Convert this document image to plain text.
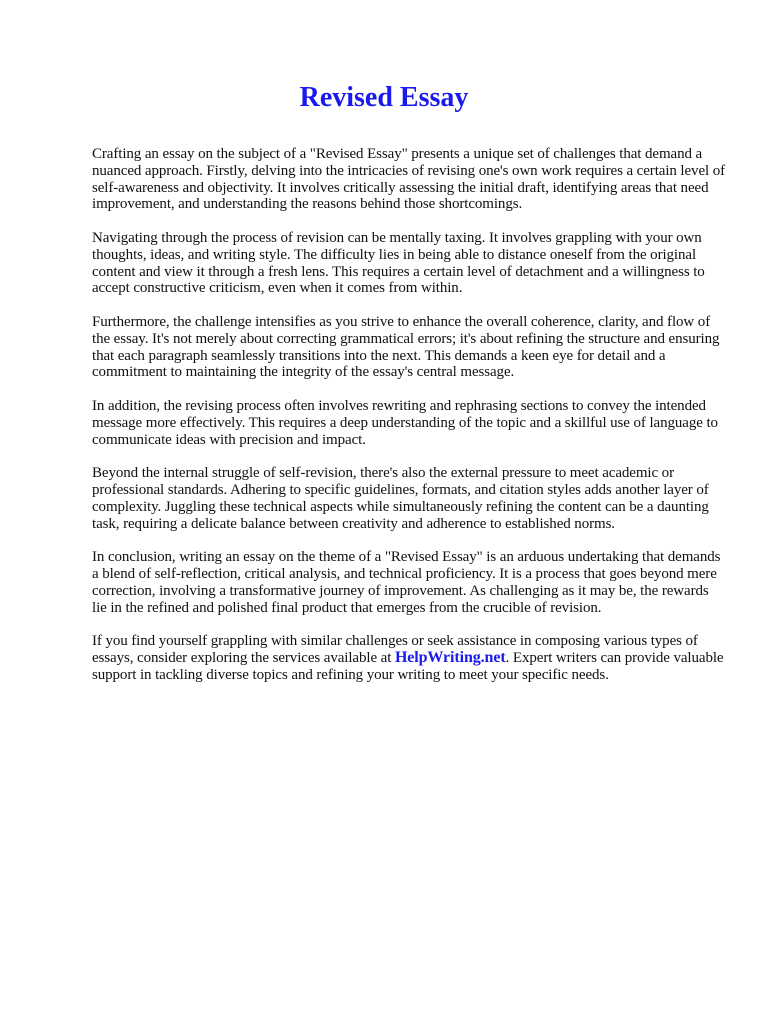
Revised Essay

Crafting an essay on the subject of a "Revised Essay" presents a unique set of challenges that demand a nuanced approach. Firstly, delving into the intricacies of revising one's own work requires a certain level of self-awareness and objectivity. It involves critically assessing the initial draft, identifying areas that need improvement, and understanding the reasons behind those shortcomings.

Navigating through the process of revision can be mentally taxing. It involves grappling with your own thoughts, ideas, and writing style. The difficulty lies in being able to distance oneself from the original content and view it through a fresh lens. This requires a certain level of detachment and a willingness to accept constructive criticism, even when it comes from within.

Furthermore, the challenge intensifies as you strive to enhance the overall coherence, clarity, and flow of the essay. It's not merely about correcting grammatical errors; it's about refining the structure and ensuring that each paragraph seamlessly transitions into the next. This demands a keen eye for detail and a commitment to maintaining the integrity of the essay's central message.

In addition, the revising process often involves rewriting and rephrasing sections to convey the intended message more effectively. This requires a deep understanding of the topic and a skillful use of language to communicate ideas with precision and impact.

Beyond the internal struggle of self-revision, there's also the external pressure to meet academic or professional standards. Adhering to specific guidelines, formats, and citation styles adds another layer of complexity. Juggling these technical aspects while simultaneously refining the content can be a daunting task, requiring a delicate balance between creativity and adherence to established norms.

In conclusion, writing an essay on the theme of a "Revised Essay" is an arduous undertaking that demands a blend of self-reflection, critical analysis, and technical proficiency. It is a process that goes beyond mere correction, involving a transformative journey of improvement. As challenging as it may be, the rewards lie in the refined and polished final product that emerges from the crucible of revision.

If you find yourself grappling with similar challenges or seek assistance in composing various types of essays, consider exploring the services available at HelpWriting.net. Expert writers can provide valuable support in tackling diverse topics and refining your writing to meet your specific needs.
